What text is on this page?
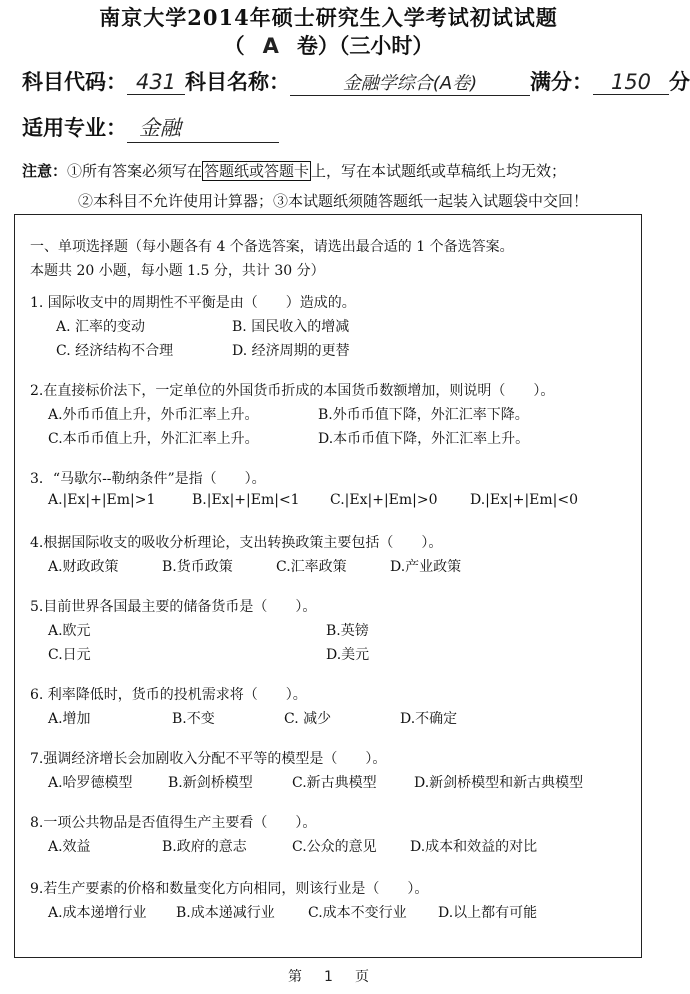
南京大学2014年硕士研究生入学考试初试试题
（ A 卷）（三小时）
科目代码： 431 科目名称：	金融学综合(A卷)	满分： 150 分
适用专业： 金融
注意：①所有答案必须写在 答题纸或答题卡 上，写在本试题纸或草稿纸上均无效；
②本科目不允许使用计算器；③本试题纸须随答题纸一起装入试题袋中交回！
一、单项选择题（每小题各有 4 个备选答案，请选出最合适的 1 个备选答案。
本题共 20 小题，每小题 1.5 分，共计 30 分）
1. 国际收支中的周期性不平衡是由（　　）造成的。
A. 汇率的变动	B. 国民收入的增减
C. 经济结构不合理	D. 经济周期的更替
2.在直接标价法下，一定单位的外国货币折成的本国货币数额增加，则说明（　　）。
A.外币币值上升，外币汇率上升。	B.外币币值下降，外汇汇率下降。
C.本币币值上升，外汇汇率上升。	D.本币币值下降，外汇汇率上升。
3．“马歇尔--勒纳条件”是指（　　）。
A.|Ex|+|Em|>1	B.|Ex|+|Em|<1 C.|Ex|+|Em|>0 D.|Ex|+|Em|<0
4.根据国际收支的吸收分析理论，支出转换政策主要包括（　　）。
A.财政政策	B.货币政策	C.汇率政策	D.产业政策
5.目前世界各国最主要的储备货币是（　　）。
A.欧元	B.英镑
C.日元	D.美元
6. 利率降低时，货币的投机需求将（　　）。
A.增加	B.不变	C. 减少	D.不确定
7.强调经济增长会加剧收入分配不平等的模型是（　　）。
A.哈罗德模型	B.新剑桥模型	C.新古典模型	D.新剑桥模型和新古典模型
8.一项公共物品是否值得生产主要看（　　）。
A.效益	B.政府的意志	C.公众的意见 D.成本和效益的对比
9.若生产要素的价格和数量变化方向相同，则该行业是（　　）。
A.成本递增行业 B.成本递减行业 C.成本不变行业 D.以上都有可能
第 1 页
